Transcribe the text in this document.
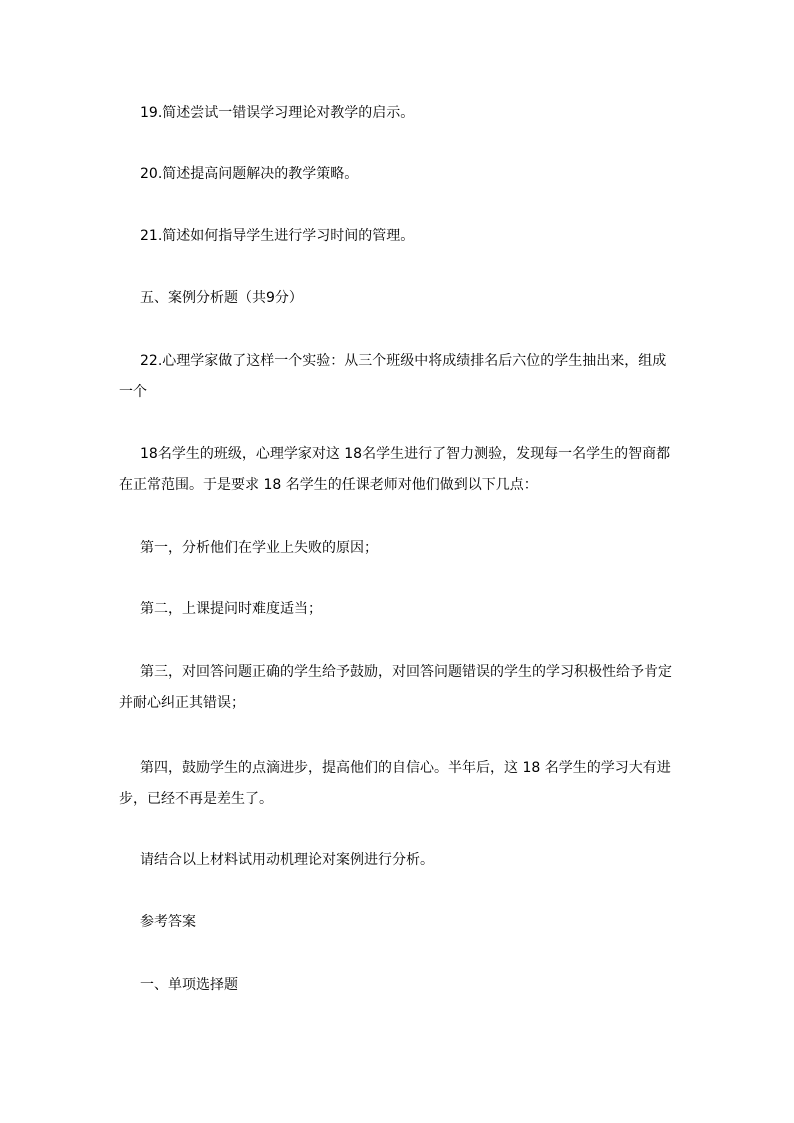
19.简述尝试一错误学习理论对教学的启示。

20.简述提高问题解决的教学策略。

21.简述如何指导学生进行学习时间的管理。

五、案例分析题（共9分）

22.心理学家做了这样一个实验：从三个班级中将成绩排名后六位的学生抽出来，组成
一个
18名学生的班级，心理学家对这 18名学生进行了智力测验，发现每一名学生的智商都
在正常范围。于是要求 18 名学生的任课老师对他们做到以下几点：

第一，分析他们在学业上失败的原因；

第二，上课提问时难度适当；

第三，对回答问题正确的学生给予鼓励，对回答问题错误的学生的学习积极性给予肯定
并耐心纠正其错误；
第四，鼓励学生的点滴进步，提高他们的自信心。半年后，这 18 名学生的学习大有进
步，已经不再是差生了。

请结合以上材料试用动机理论对案例进行分析。

参考答案

一、单项选择题
